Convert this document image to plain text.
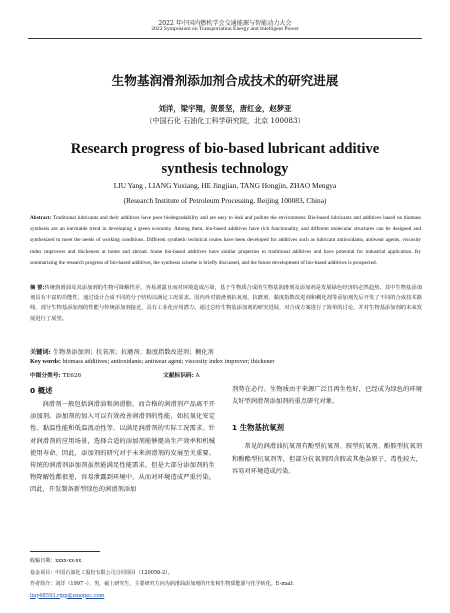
2022 年中国内燃机学会交通能源与智能动力大会
2022 Symposium on Transportation Energy and Intelligent Power
生物基润滑剂添加剂合成技术的研究进展
刘洋，梁宇翔，贺景坚，唐红金，赵梦亚
（中国石化 石油化工科学研究院，北京 100083）
Research progress of bio-based lubricant additive
synthesis technology
LIU Yang , LIANG Yuxiang, HE Jingjian, TANG Hongjin, ZHAO Mengya
(Research Institute of Petroleum Processing, Beijing 100083, China)
Abstract: Traditional lubricants and their additives have poor biodegradability and are easy to leak and pollute the environment. Bio-based lubricants and additives based on biomass synthesis are an inevitable trend in developing a green economy. Among them, bio-based additives have rich functionality, and different molecular structures can be designed and synthesized to meet the needs of working conditions. Different synthetic technical routes have been developed for additives such as lubricant antioxidants, antiwear agents, viscosity index improvers and thickeners at home and abroad. Some bio-based additives have similar properties to traditional additives and have potential for industrial application. By summarizing the research progress of bio-based additives, the synthesis scheme is briefly discussed, and the future development of bio-based additives is prospected.
摘 要:传统润滑油及其添加剂的生物可降解性差，容易泄露且而对环境造成污染，基于生物质合成的生物基润滑剂及添加剂是发展绿色经济的必然趋势。其中生物基添加剂具有丰富的功能性，通过设计合成不同的分子结构以满足工况需求。国内外对润滑剂抗氧剂、抗磨剂、黏度指数改进剂和稠化剂等添加剂先后开发了不同的合成技术路线，部分生物基添加剂的性能与传统添加剂接近，具有工业化应用潜力。通过总结生物基添加剂的研究进展，对合成方案进行了简单的讨论，并对生物基添加剂的未来发展进行了展望。
关键词: 生物基添加剂；抗氧剂；抗磨剂；黏度指数改进剂；稠化剂
Key words: biomass additives; antioxidants; antiwear agent; viscosity index improver; thickener
中图分类号: TE626	文献标识码: A

0 概述

润滑剂一般包括润滑油和润滑脂，而合格的润滑剂产品离不开添加剂。添加剂的加入可以有效改善润滑剂的性能，如抗氧化安定性、黏温性能和低温流动性等，以满足润滑剂的实际工况需求。针对润滑剂的应用场景，选择合适的添加剂能够提高生产效率和机械使用寿命。因此，添加剂的研究对于未来润滑剂的发展至关重要。传统的润滑剂添加剂虽然能满足性能需求，但是大部分添加剂的生物降解性都很差，容易泄露到环境中，从而对环境造成严重污染。因此，开发制备新型绿色的润滑剂添加

剂势在必行。生物质由于来源广泛且再生性好，已经成为绿色的环境友好型润滑剂添加剂的重点研究对象。

1 生物基抗氧剂

常见的润滑油抗氧剂有酚型抗氧剂、胺型抗氧剂、酚胺型抗氧剂和酚酯型抗氧剂等，但部分抗氧剂因含胺或其他杂原子，毒性较大，容易对环境造成污染。

收稿日期：xxxx-xx-xx

基金项目：中国石油化工股份有限公司合同项目（120056-2）。

作者简介：刘洋（1997 -），男，硕士研究生，主要研究方向为润滑油添加剂的开发和生物质能源与化学转化。E-mail:

liuy68593.ripp@sinopec.com
